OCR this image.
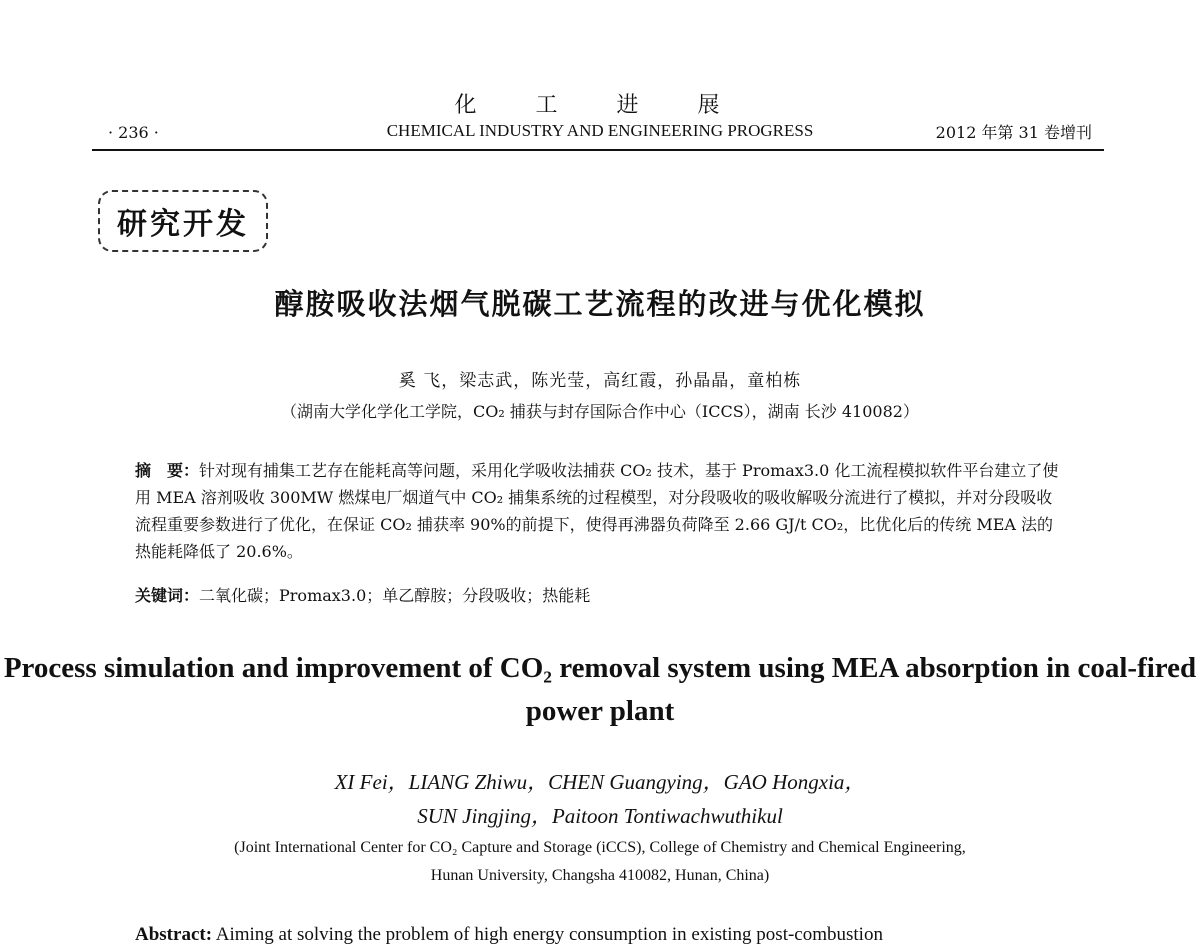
化 工 进 展
· 236 ·	CHEMICAL INDUSTRY AND ENGINEERING PROGRESS	2012 年第 31 卷增刊
研究开发
醇胺吸收法烟气脱碳工艺流程的改进与优化模拟
奚 飞，梁志武，陈光莹，高红霞，孙晶晶，童柏栋
（湖南大学化学化工学院，CO₂ 捕获与封存国际合作中心（ICCS），湖南 长沙 410082）
摘　要：针对现有捕集工艺存在能耗高等问题，采用化学吸收法捕获 CO₂ 技术，基于 Promax3.0 化工流程模拟软件平台建立了使用 MEA 溶剂吸收 300MW 燃煤电厂烟道气中 CO₂ 捕集系统的过程模型，对分段吸收的吸收解吸分流进行了模拟，并对分段吸收流程重要参数进行了优化，在保证 CO₂ 捕获率 90%的前提下，使得再沸器负荷降至 2.66 GJ/t CO₂，比优化后的传统 MEA 法的热能耗降低了 20.6%。
关键词：二氧化碳；Promax3.0；单乙醇胺；分段吸收；热能耗
Process simulation and improvement of CO₂ removal system using MEA absorption in coal-fired power plant
XI Fei，LIANG Zhiwu，CHEN Guangying，GAO Hongxia，
SUN Jingjing，Paitoon Tontiwachwuthikul
(Joint International Center for CO₂ Capture and Storage (iCCS), College of Chemistry and Chemical Engineering,
Hunan University, Changsha 410082, Hunan, China)
Abstract: Aiming at solving the problem of high energy consumption in existing post-combustion
